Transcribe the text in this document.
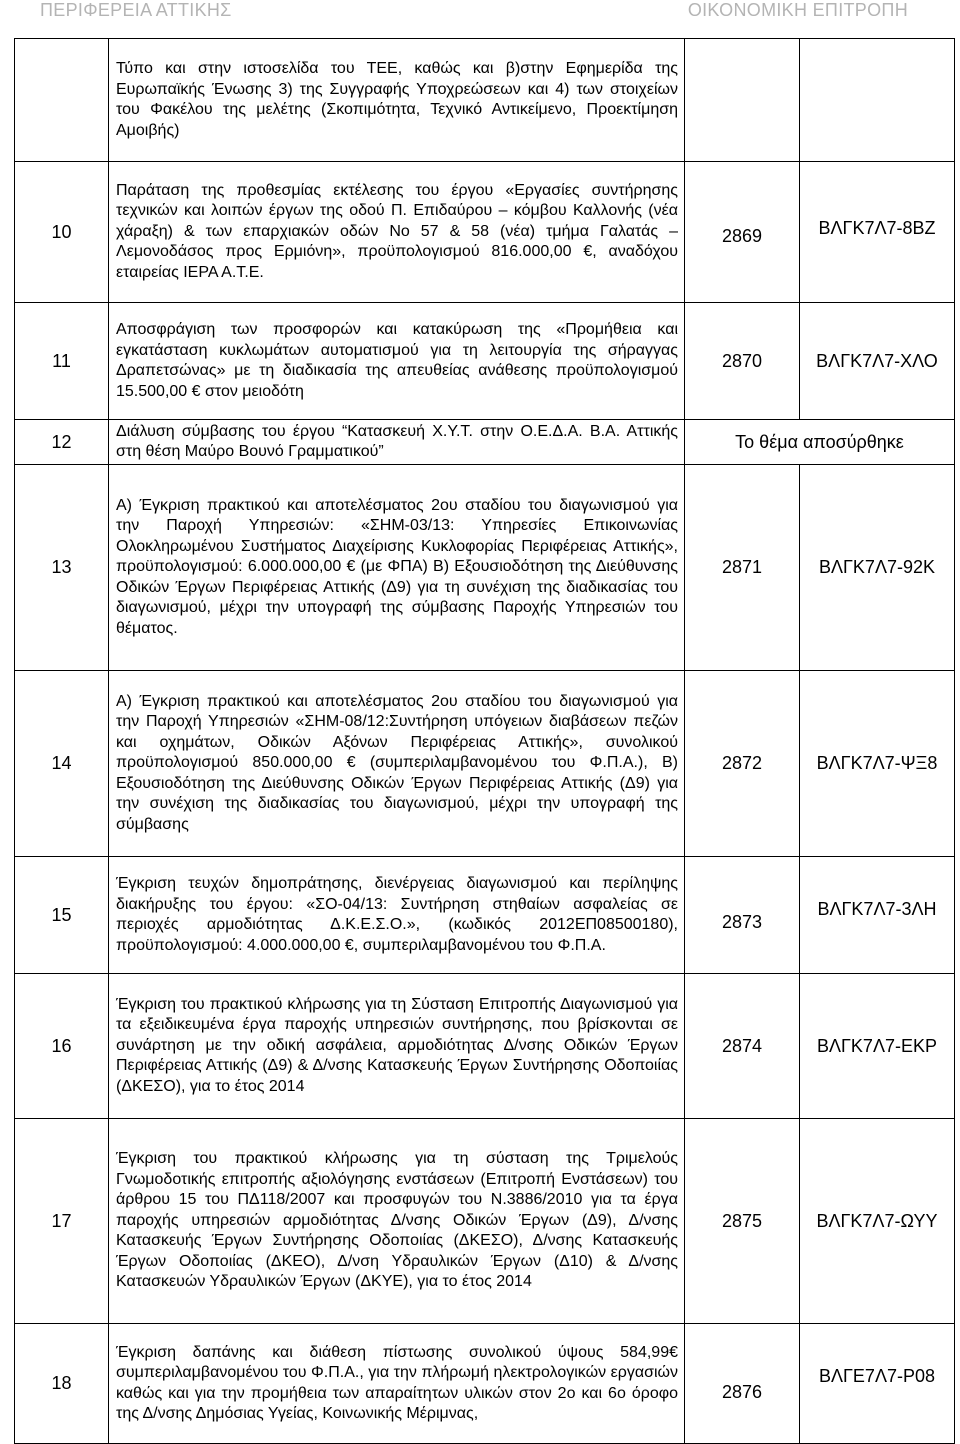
ΠΕΡΙΦΕΡΕΙΑ ΑΤΤΙΚΗΣ	ΟΙΚΟΝΟΜΙΚΗ ΕΠΙΤΡΟΠΗ

	Τύπο και στην ιστοσελίδα του ΤΕΕ, καθώς και β)στην Εφημερίδα της Ευρωπαϊκής Ένωσης 3) της Συγγραφής Υποχρεώσεων και 4) των στοιχείων του Φακέλου της μελέτης (Σκοπιμότητα, Τεχνικό Αντικείμενο, Προεκτίμηση Αμοιβής)		

10	Παράταση της προθεσμίας εκτέλεσης του έργου «Εργασίες συντήρησης τεχνικών και λοιπών έργων της οδού Π. Επιδαύρου – κόμβου Καλλονής (νέα χάραξη) & των επαρχιακών οδών Νο 57 & 58 (νέα) τμήμα Γαλατάς – Λεμονοδάσος προς Ερμιόνη», προϋπολογισμού 816.000,00 €, αναδόχου εταιρείας ΙΕΡΑ Α.Τ.Ε.	2869	ΒΛΓΚ7Λ7-8ΒΖ
11	Αποσφράγιση των προσφορών και κατακύρωση της «Προμήθεια και εγκατάσταση κυκλωμάτων αυτοματισμού για τη λειτουργία της σήραγγας Δραπετσώνας» με τη διαδικασία της απευθείας ανάθεσης προϋπολογισμού 15.500,00 € στον μειοδότη	2870	ΒΛΓΚ7Λ7-ΧΛΟ
12	Διάλυση σύμβασης του έργου “Κατασκευή Χ.Υ.Τ. στην Ο.Ε.Δ.Α. Β.Α. Αττικής στη θέση Μαύρο Βουνό Γραμματικού”	Το θέμα αποσύρθηκε	
13	Α) Έγκριση πρακτικού και αποτελέσματος 2ου σταδίου του διαγωνισμού για την Παροχή Υπηρεσιών: «ΣΗΜ-03/13: Υπηρεσίες Επικοινωνίας Ολοκληρωμένου Συστήματος Διαχείρισης Κυκλοφορίας Περιφέρειας Αττικής», προϋπολογισμού: 6.000.000,00 € (με ΦΠΑ) Β) Εξουσιοδότηση της Διεύθυνσης Οδικών Έργων Περιφέρειας Αττικής (Δ9) για τη συνέχιση της διαδικασίας του διαγωνισμού, μέχρι την υπογραφή της σύμβασης Παροχής Υπηρεσιών του θέματος.	2871	ΒΛΓΚ7Λ7-92Κ
14	Α) Έγκριση πρακτικού και αποτελέσματος 2ου σταδίου του διαγωνισμού για την Παροχή Υπηρεσιών «ΣΗΜ-08/12:Συντήρηση υπόγειων διαβάσεων πεζών και οχημάτων, Οδικών Αξόνων Περιφέρειας Αττικής», συνολικού προϋπολογισμού 850.000,00 € (συμπεριλαμβανομένου του Φ.Π.Α.), Β) Εξουσιοδότηση της Διεύθυνσης Οδικών Έργων Περιφέρειας Αττικής (Δ9) για την συνέχιση της διαδικασίας του διαγωνισμού, μέχρι την υπογραφή της σύμβασης	2872	ΒΛΓΚ7Λ7-ΨΞ8
15	Έγκριση τευχών δημοπράτησης, διενέργειας διαγωνισμού και περίληψης διακήρυξης του έργου: «ΣΟ-04/13: Συντήρηση στηθαίων ασφαλείας σε περιοχές αρμοδιότητας Δ.Κ.Ε.Σ.Ο.», (κωδικός 2012ΕΠ08500180), προϋπολογισμού: 4.000.000,00 €, συμπεριλαμβανομένου του Φ.Π.Α.	2873	ΒΛΓΚ7Λ7-3ΛΗ
16	Έγκριση του πρακτικού κλήρωσης για τη Σύσταση Επιτροπής Διαγωνισμού για τα εξειδικευμένα έργα παροχής υπηρεσιών συντήρησης, που βρίσκονται σε συνάρτηση με την οδική ασφάλεια, αρμοδιότητας Δ/νσης Οδικών Έργων Περιφέρειας Αττικής (Δ9) & Δ/νσης Κατασκευής Έργων Συντήρησης Οδοποιίας (ΔΚΕΣΟ), για το έτος 2014	2874	ΒΛΓΚ7Λ7-ΕΚΡ
17	Έγκριση του πρακτικού κλήρωσης για τη σύσταση της Τριμελούς Γνωμοδοτικής επιτροπής αξιολόγησης ενστάσεων (Επιτροπή Ενστάσεων) του άρθρου 15 του ΠΔ118/2007 και προσφυγών του Ν.3886/2010 για τα έργα παροχής υπηρεσιών αρμοδιότητας Δ/νσης Οδικών Έργων (Δ9), Δ/νσης Κατασκευής Έργων Συντήρησης Οδοποιίας (ΔΚΕΣΟ), Δ/νσης Κατασκευής Έργων Οδοποιίας (ΔΚΕΟ), Δ/νση Υδραυλικών Έργων (Δ10) & Δ/νσης Κατασκευών Υδραυλικών Έργων (ΔΚΥΕ), για το έτος 2014	2875	ΒΛΓΚ7Λ7-ΩΥΥ
18	Έγκριση δαπάνης και διάθεση πίστωσης συνολικού ύψους 584,99€ συμπεριλαμβανομένου του Φ.Π.Α., για την πλήρωμή ηλεκτρολογικών εργασιών καθώς και για την προμήθεια των απαραίτητων υλικών στον 2ο και 6ο όροφο της Δ/νσης Δημόσιας Υγείας, Κοινωνικής Μέριμνας,	2876	ΒΛΓΕ7Λ7-Ρ08
